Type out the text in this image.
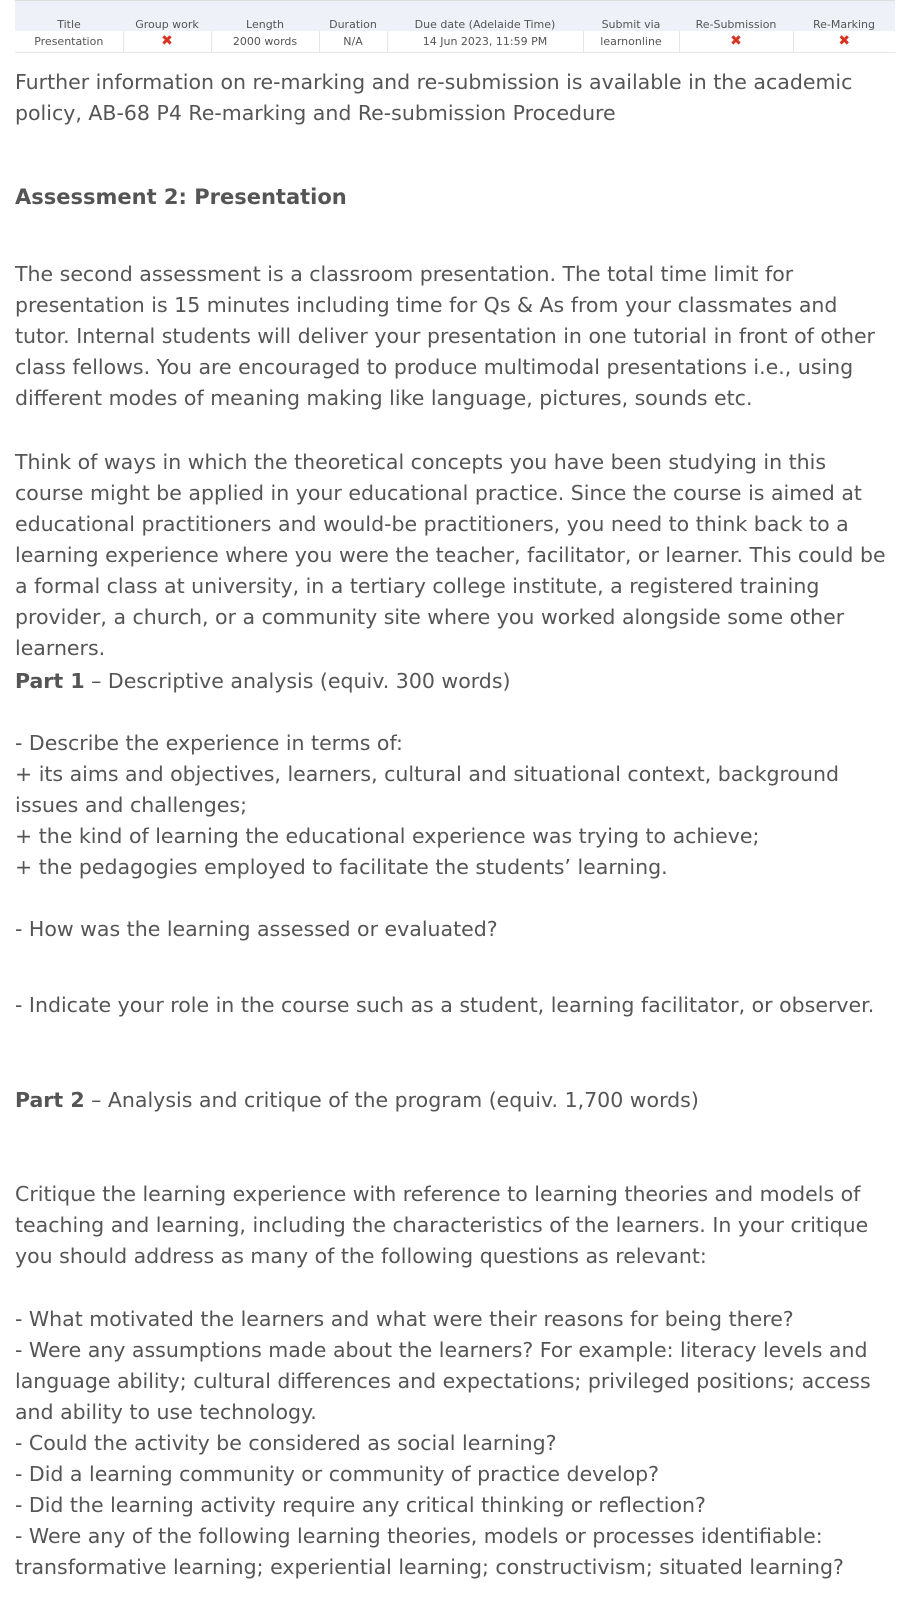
Title	Group work	Length	Duration	Due date (Adelaide Time)	Submit via	Re-Submission	Re-Marking
Presentation	✖	2000 words	N/A	14 Jun 2023, 11:59 PM	learnonline	✖	✖

Further information on re-marking and re-submission is available in the academic policy, AB-68 P4 Re-marking and Re-submission Procedure

Assessment 2: Presentation

The second assessment is a classroom presentation. The total time limit for presentation is 15 minutes including time for Qs & As from your classmates and tutor. Internal students will deliver your presentation in one tutorial in front of other class fellows. You are encouraged to produce multimodal presentations i.e., using different modes of meaning making like language, pictures, sounds etc.

Think of ways in which the theoretical concepts you have been studying in this course might be applied in your educational practice. Since the course is aimed at educational practitioners and would-be practitioners, you need to think back to a learning experience where you were the teacher, facilitator, or learner. This could be a formal class at university, in a tertiary college institute, a registered training provider, a church, or a community site where you worked alongside some other learners.

Part 1 – Descriptive analysis (equiv. 300 words)

- Describe the experience in terms of:
+ its aims and objectives, learners, cultural and situational context, background issues and challenges;
+ the kind of learning the educational experience was trying to achieve;
+ the pedagogies employed to facilitate the students’ learning.

- How was the learning assessed or evaluated?

- Indicate your role in the course such as a student, learning facilitator, or observer.

Part 2 – Analysis and critique of the program (equiv. 1,700 words)

Critique the learning experience with reference to learning theories and models of teaching and learning, including the characteristics of the learners. In your critique you should address as many of the following questions as relevant:

- What motivated the learners and what were their reasons for being there?
- Were any assumptions made about the learners? For example: literacy levels and language ability; cultural differences and expectations; privileged positions; access and ability to use technology.
- Could the activity be considered as social learning?
- Did a learning community or community of practice develop?
- Did the learning activity require any critical thinking or reflection?
- Were any of the following learning theories, models or processes identifiable: transformative learning; experiential learning; constructivism; situated learning?
